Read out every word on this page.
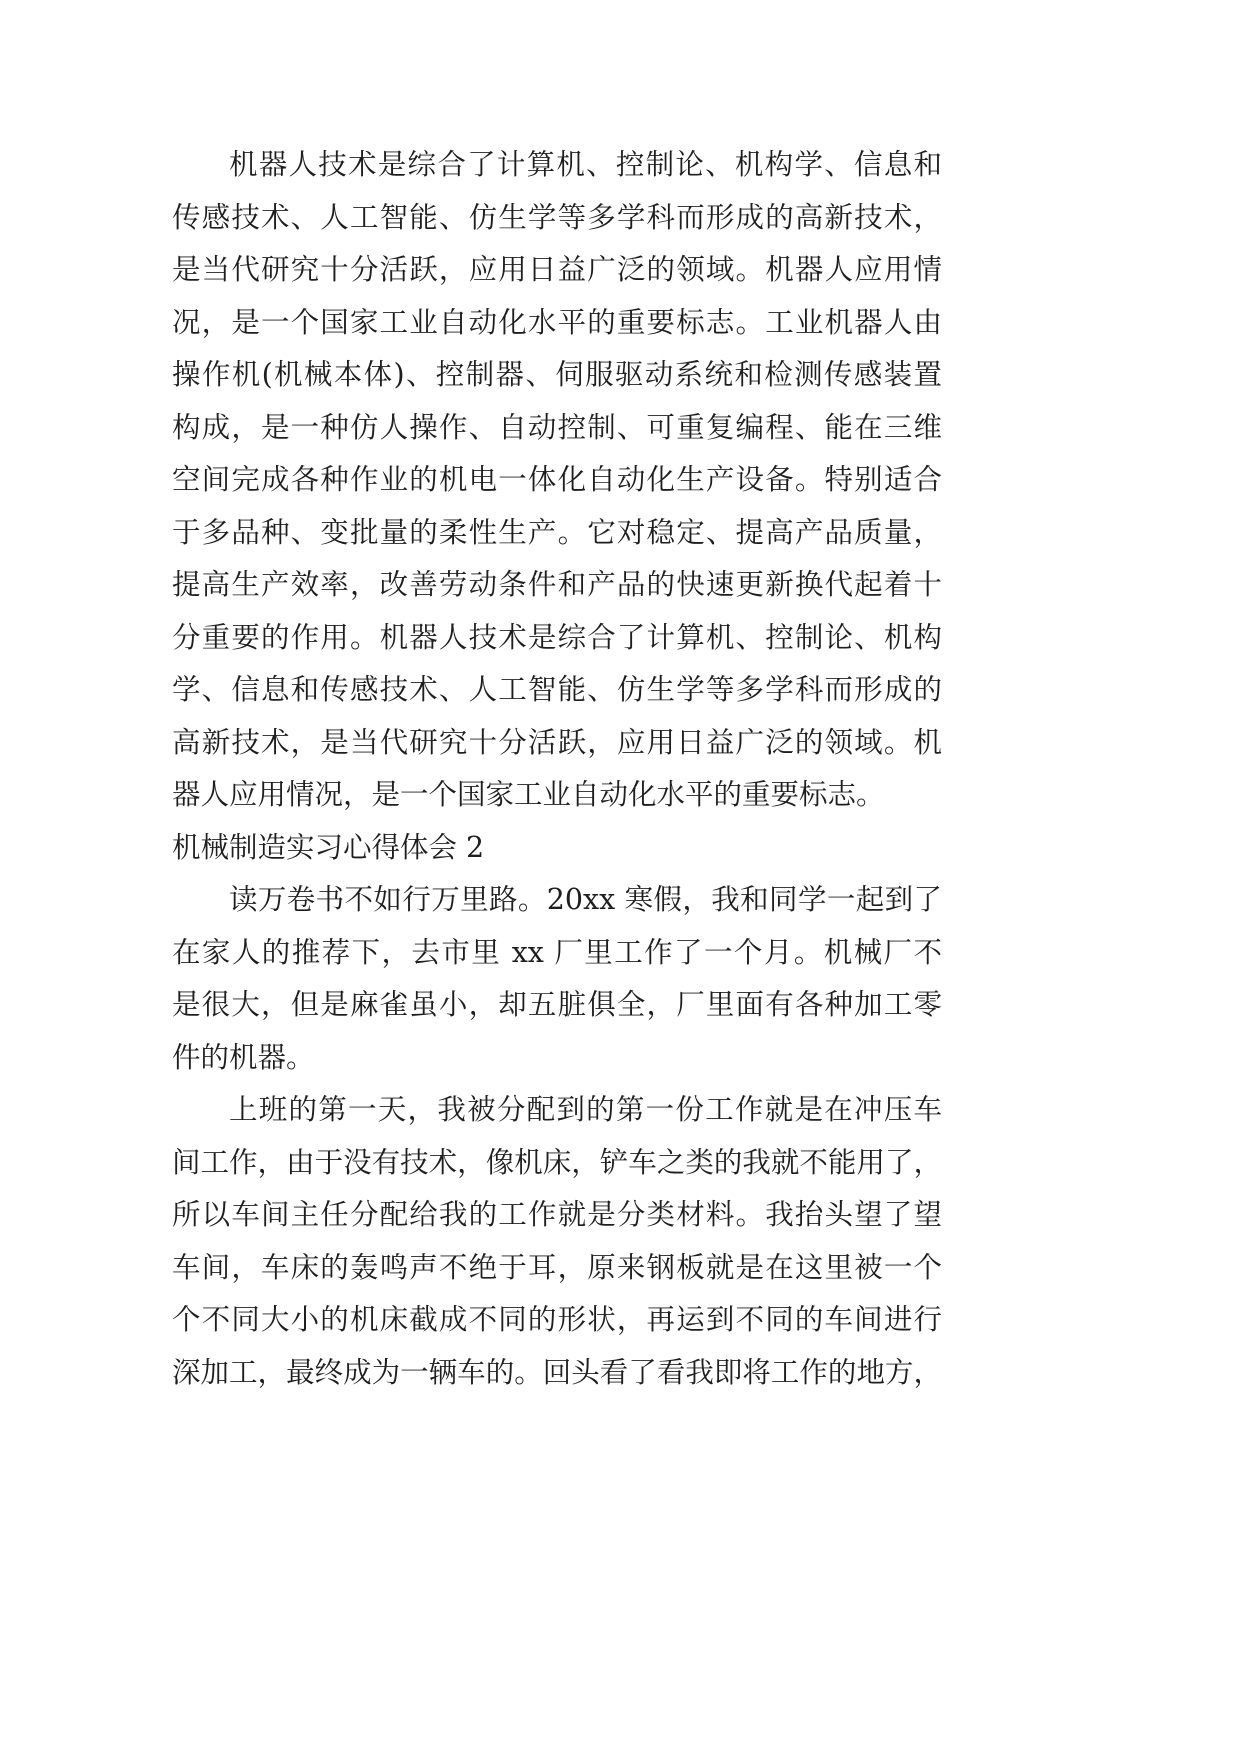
机器人技术是综合了计算机、控制论、机构学、信息和
传感技术、人工智能、仿生学等多学科而形成的高新技术，
是当代研究十分活跃，应用日益广泛的领域。机器人应用情
况，是一个国家工业自动化水平的重要标志。工业机器人由
操作机(机械本体)、控制器、伺服驱动系统和检测传感装置
构成，是一种仿人操作、自动控制、可重复编程、能在三维
空间完成各种作业的机电一体化自动化生产设备。特别适合
于多品种、变批量的柔性生产。它对稳定、提高产品质量，
提高生产效率，改善劳动条件和产品的快速更新换代起着十
分重要的作用。机器人技术是综合了计算机、控制论、机构
学、信息和传感技术、人工智能、仿生学等多学科而形成的
高新技术，是当代研究十分活跃，应用日益广泛的领域。机
器人应用情况，是一个国家工业自动化水平的重要标志。
机械制造实习心得体会 2
读万卷书不如行万里路。20xx 寒假，我和同学一起到了
在家人的推荐下，去市里 xx 厂里工作了一个月。机械厂不
是很大，但是麻雀虽小，却五脏俱全，厂里面有各种加工零
件的机器。
上班的第一天，我被分配到的第一份工作就是在冲压车
间工作，由于没有技术，像机床，铲车之类的我就不能用了，
所以车间主任分配给我的工作就是分类材料。我抬头望了望
车间，车床的轰鸣声不绝于耳，原来钢板就是在这里被一个
个不同大小的机床截成不同的形状，再运到不同的车间进行
深加工，最终成为一辆车的。回头看了看我即将工作的地方，
